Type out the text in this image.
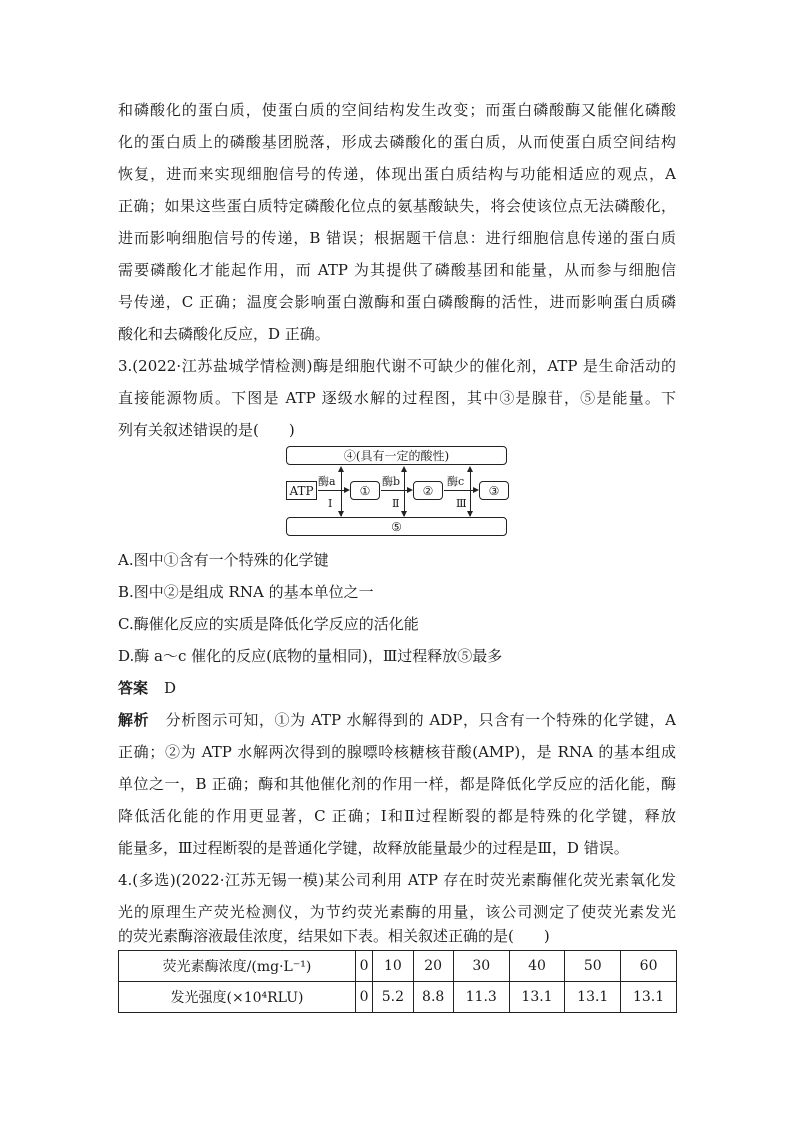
和磷酸化的蛋白质，使蛋白质的空间结构发生改变；而蛋白磷酸酶又能催化磷酸
化的蛋白质上的磷酸基团脱落，形成去磷酸化的蛋白质，从而使蛋白质空间结构
恢复，进而来实现细胞信号的传递，体现出蛋白质结构与功能相适应的观点，A
正确；如果这些蛋白质特定磷酸化位点的氨基酸缺失，将会使该位点无法磷酸化，
进而影响细胞信号的传递，B 错误；根据题干信息：进行细胞信息传递的蛋白质
需要磷酸化才能起作用，而 ATP 为其提供了磷酸基团和能量，从而参与细胞信
号传递，C 正确；温度会影响蛋白激酶和蛋白磷酸酶的活性，进而影响蛋白质磷
酸化和去磷酸化反应，D 正确。
3.(2022·江苏盐城学情检测)酶是细胞代谢不可缺少的催化剂，ATP 是生命活动的
直接能源物质。下图是 ATP 逐级水解的过程图，其中③是腺苷，⑤是能量。下
列有关叙述错误的是(　　)
④(具有一定的酸性)
⑤
ATP	①	②	③
酶a	酶b	酶c
Ⅰ	Ⅱ	Ⅲ
A.图中①含有一个特殊的化学键
B.图中②是组成 RNA 的基本单位之一
C.酶催化反应的实质是降低化学反应的活化能
D.酶 a～c 催化的反应(底物的量相同)，Ⅲ过程释放⑤最多
答案 D
解析 分析图示可知，①为 ATP 水解得到的 ADP，只含有一个特殊的化学键，A
正确；②为 ATP 水解两次得到的腺嘌呤核糖核苷酸(AMP)，是 RNA 的基本组成
单位之一，B 正确；酶和其他催化剂的作用一样，都是降低化学反应的活化能，酶
降低活化能的作用更显著，C 正确；Ⅰ和Ⅱ过程断裂的都是特殊的化学键，释放
能量多，Ⅲ过程断裂的是普通化学键，故释放能量最少的过程是Ⅲ，D 错误。
4.(多选)(2022·江苏无锡一模)某公司利用 ATP 存在时荧光素酶催化荧光素氧化发
光的原理生产荧光检测仪，为节约荧光素酶的用量，该公司测定了使荧光素发光
的荧光素酶溶液最佳浓度，结果如下表。相关叙述正确的是(　　)
荧光素酶浓度/(mg·L⁻¹)	0	10	20	30	40	50	60
发光强度(×10⁴RLU)	0	5.2	8.8	11.3	13.1	13.1	13.1
